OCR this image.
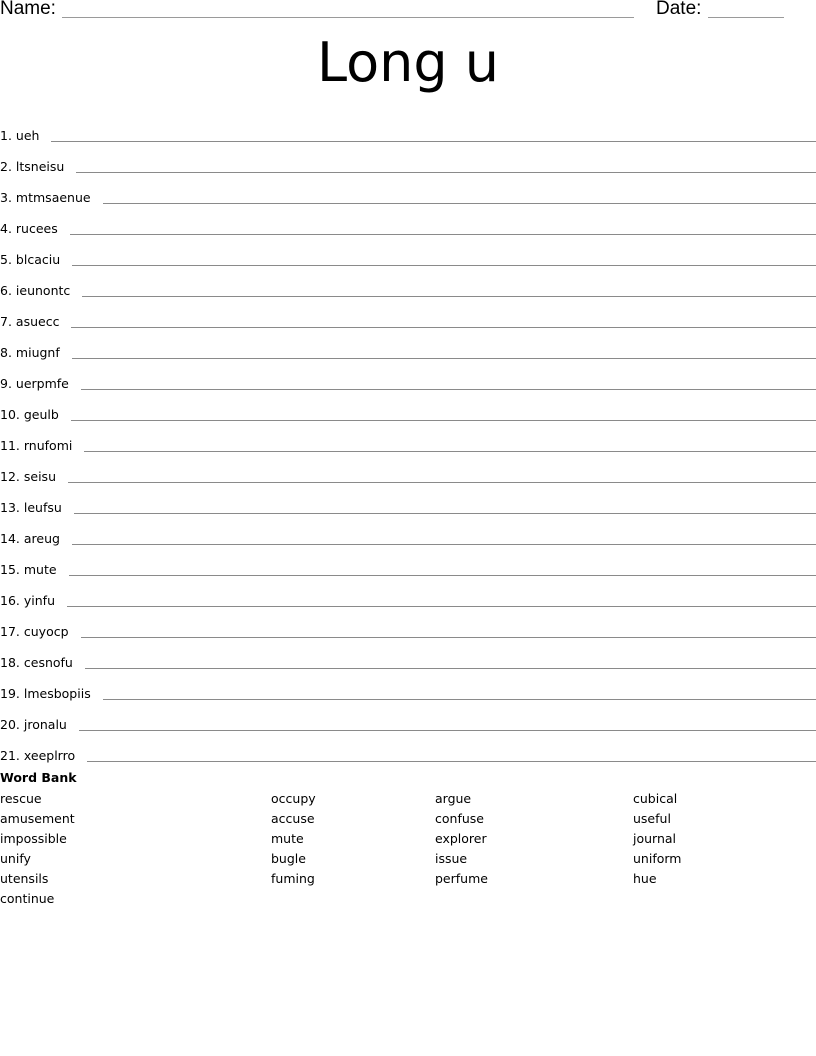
Name:	Date:
Long u
1.
ueh
2.
ltsneisu
3.
mtmsaenue
4.
rucees
5.
blcaciu
6.
ieunontc
7.
asuecc
8.
miugnf
9.
uerpmfe
10.
geulb
11.
rnufomi
12.
seisu
13.
leufsu
14.
areug
15.
mute
16.
yinfu
17.
cuyocp
18.
cesnofu
19.
lmesbopiis
20.
jronalu
21.
xeeplrro
Word Bank
rescue
amusement
impossible
unify
utensils
continue
occupy
accuse
mute
bugle
fuming
argue
confuse
explorer
issue
perfume
cubical
useful
journal
uniform
hue
